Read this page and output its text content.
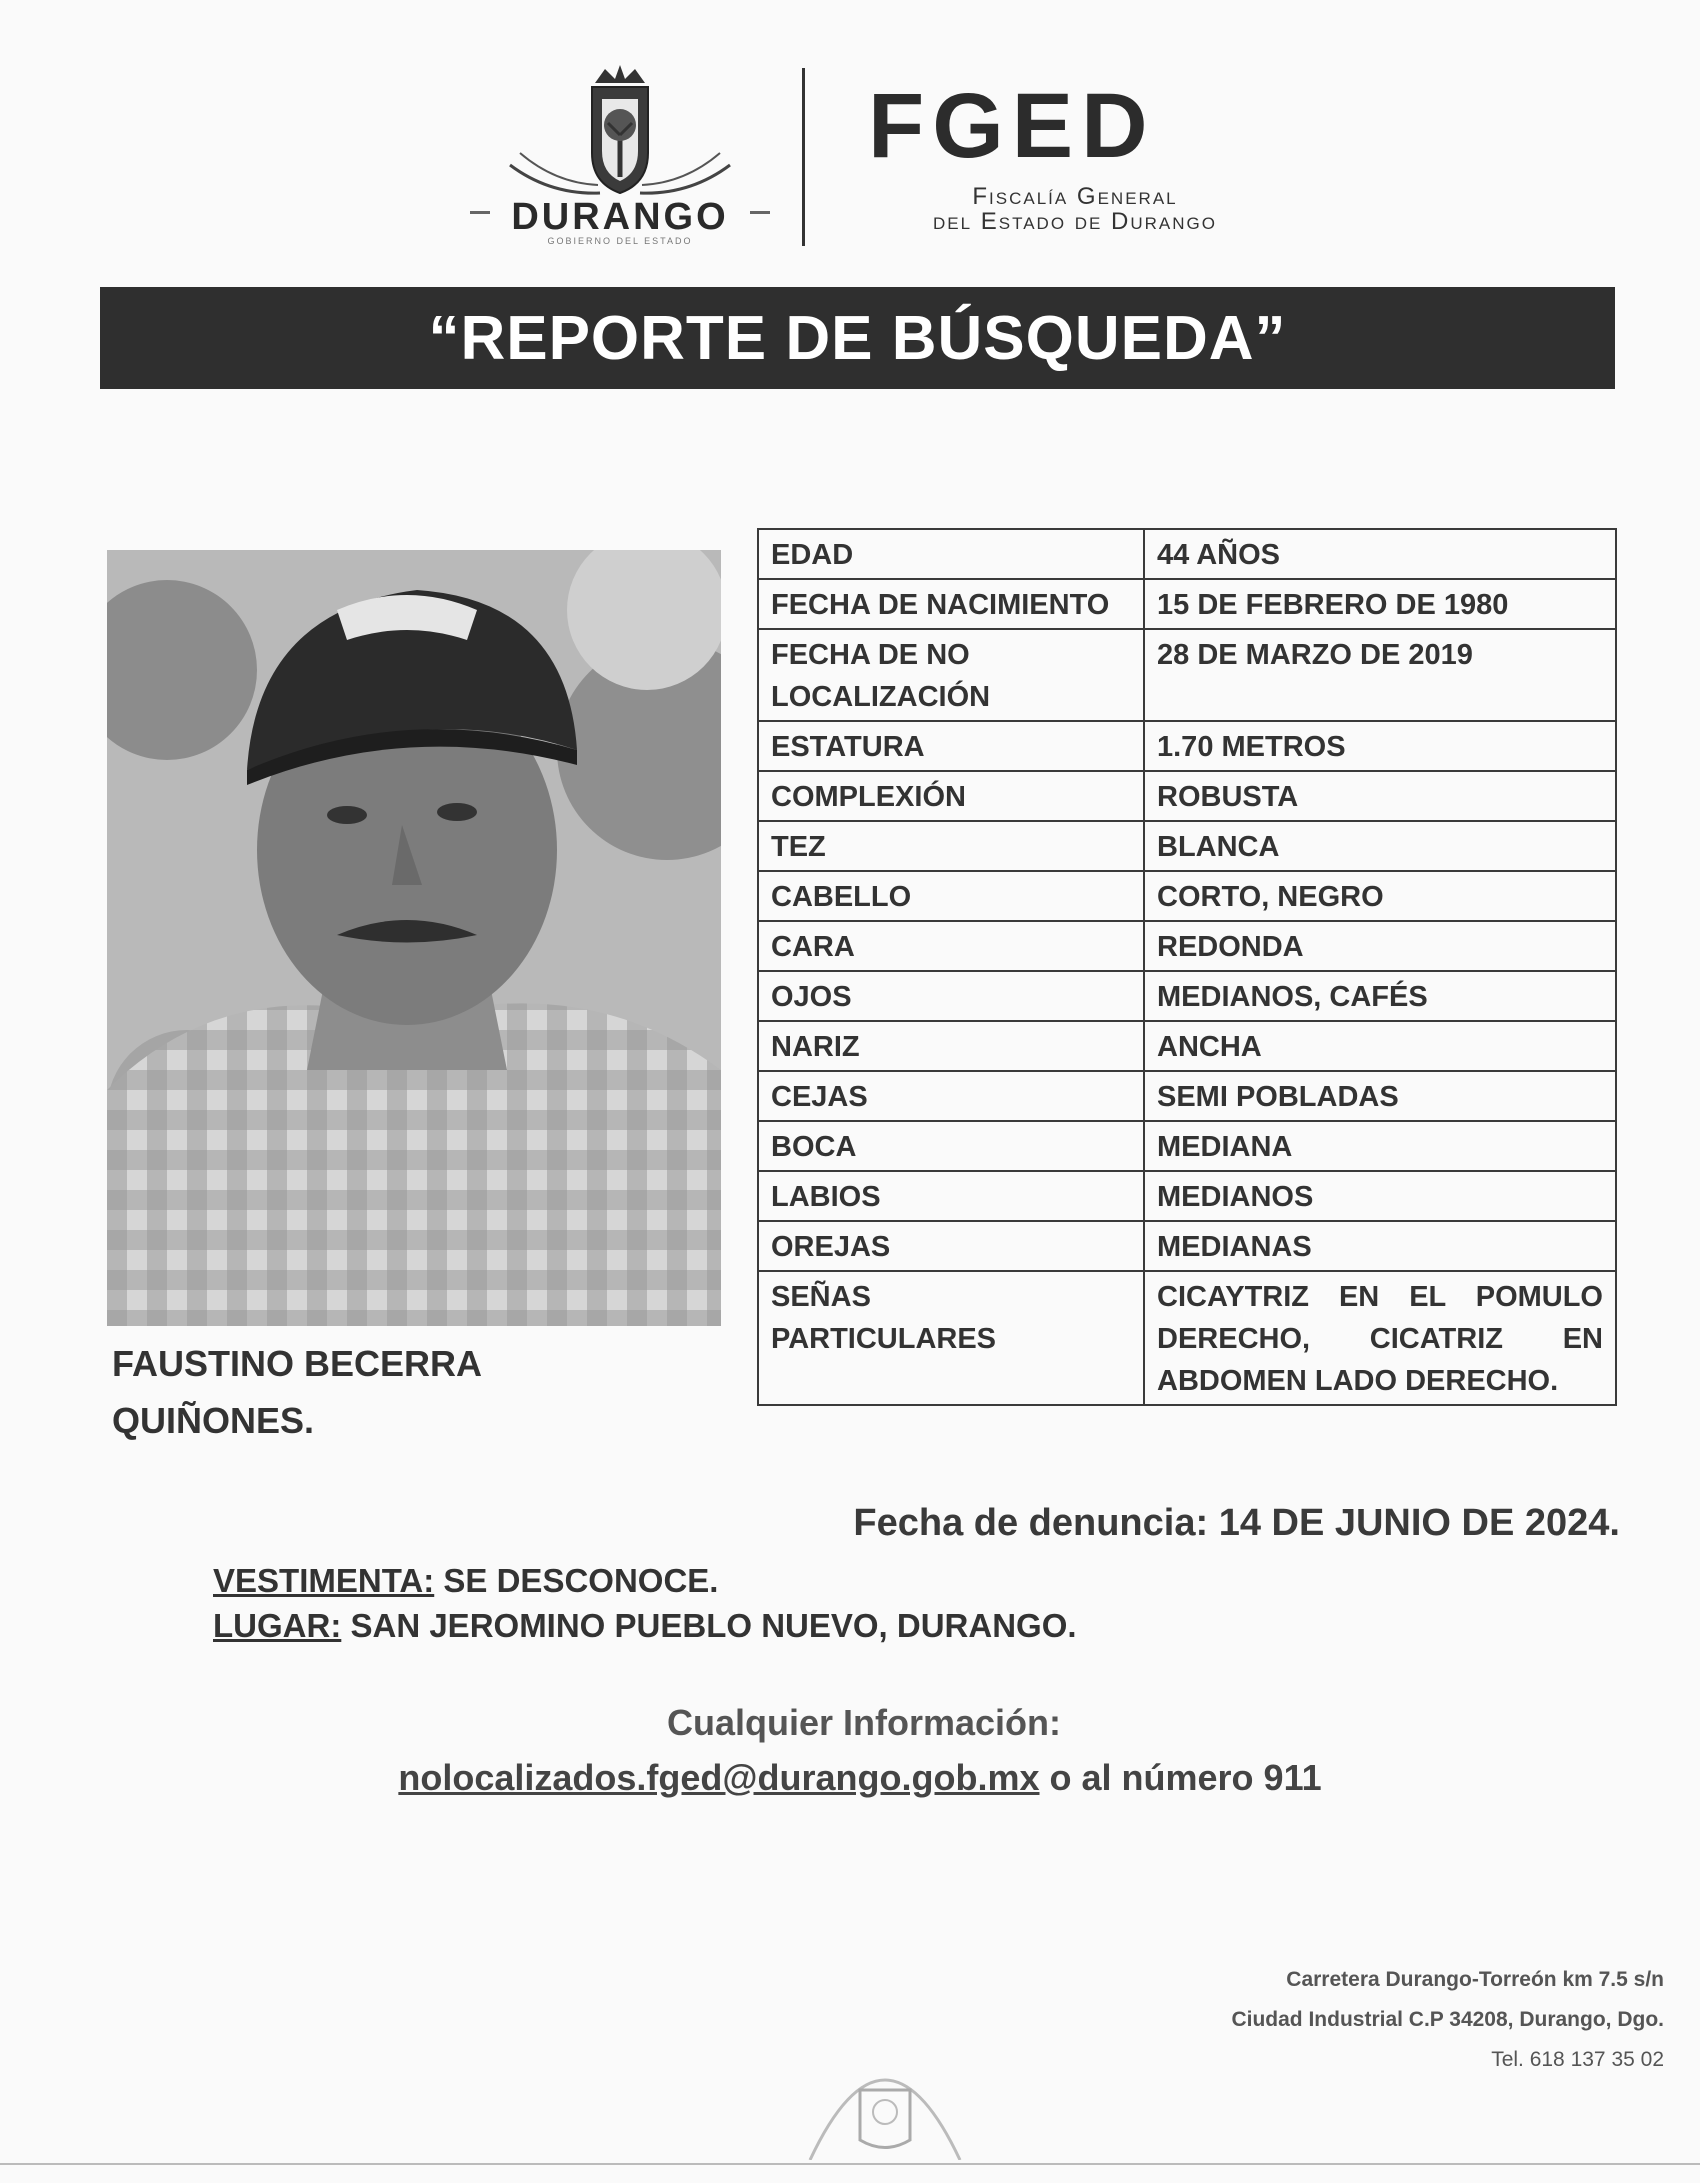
DURANGO
GOBIERNO DEL ESTADO
FGED
Fiscalía General
del Estado de Durango
“REPORTE DE BÚSQUEDA”
FAUSTINO BECERRA
QUIÑONES.
EDAD	44 AÑOS
FECHA DE NACIMIENTO	15 DE FEBRERO DE 1980

FECHA DE NO
LOCALIZACIÓN	28 DE MARZO DE 2019
ESTATURA	1.70 METROS
COMPLEXIÓN	ROBUSTA
TEZ	BLANCA
CABELLO	CORTO, NEGRO
CARA	REDONDA
OJOS	MEDIANOS, CAFÉS
NARIZ	ANCHA
CEJAS	SEMI POBLADAS
BOCA	MEDIANA
LABIOS	MEDIANOS
OREJAS	MEDIANAS

SEÑAS
PARTICULARES	CICAYTRIZ EN EL POMULO DERECHO, CICATRIZ EN ABDOMEN LADO DERECHO.
Fecha de denuncia: 14 DE JUNIO DE 2024.
VESTIMENTA: SE DESCONOCE.
LUGAR: SAN JEROMINO PUEBLO NUEVO, DURANGO.
Cualquier Información:
nolocalizados.fged@durango.gob.mx o al número 911
Carretera Durango-Torreón km 7.5 s/n
Ciudad Industrial C.P 34208, Durango, Dgo.
Tel. 618 137 35 02
